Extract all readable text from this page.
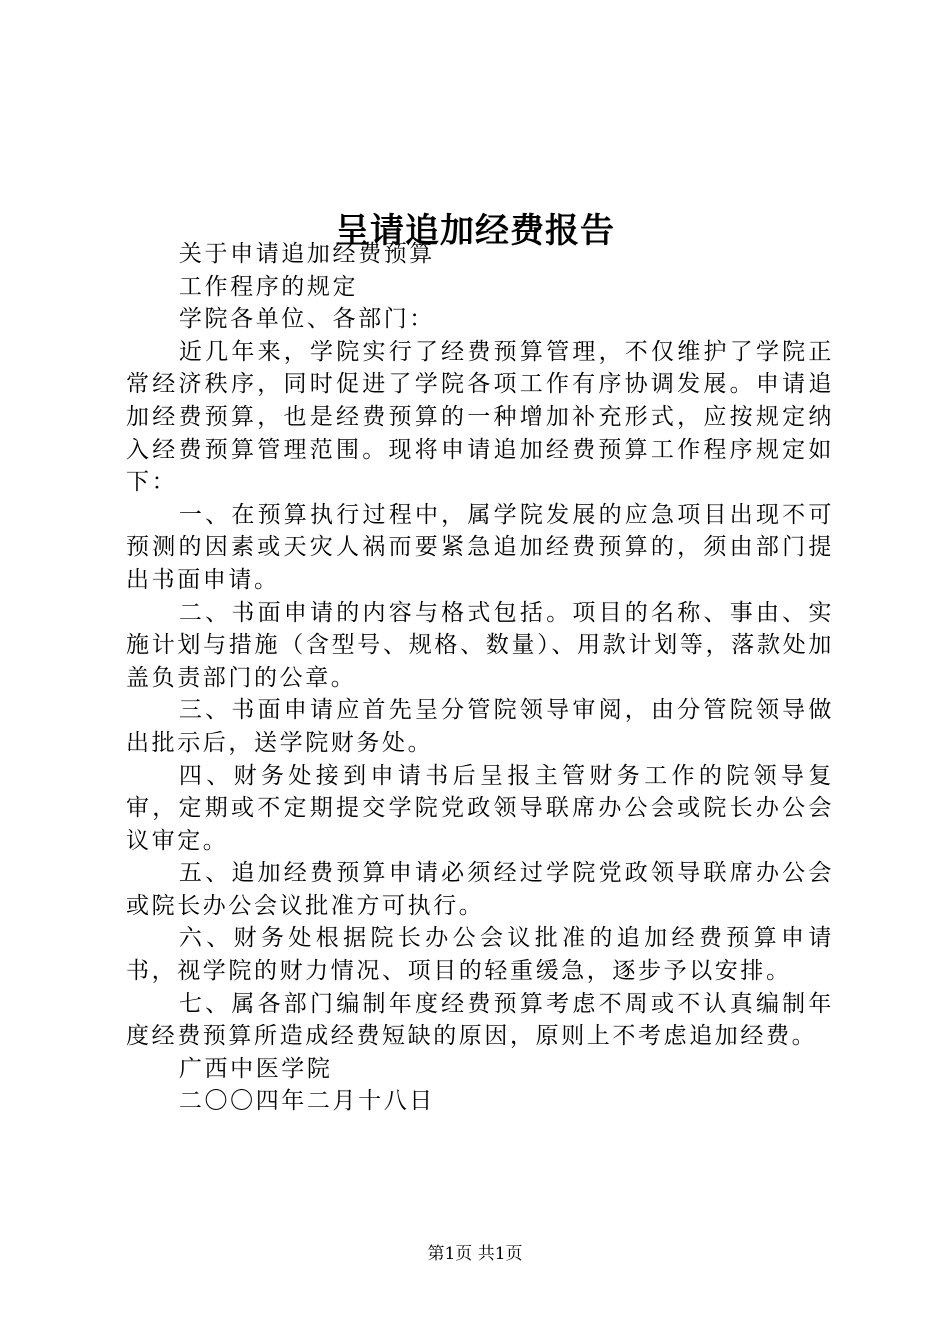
呈请追加经费报告

关于申请追加经费预算

工作程序的规定

学院各单位、各部门：

近几年来，学院实行了经费预算管理，不仅维护了学院正常经济秩序，同时促进了学院各项工作有序协调发展。申请追加经费预算，也是经费预算的一种增加补充形式，应按规定纳入经费预算管理范围。现将申请追加经费预算工作程序规定如下：

一、在预算执行过程中，属学院发展的应急项目出现不可预测的因素或天灾人祸而要紧急追加经费预算的，须由部门提出书面申请。

二、书面申请的内容与格式包括。项目的名称、事由、实施计划与措施（含型号、规格、数量）、用款计划等，落款处加盖负责部门的公章。

三、书面申请应首先呈分管院领导审阅，由分管院领导做出批示后，送学院财务处。

四、财务处接到申请书后呈报主管财务工作的院领导复审，定期或不定期提交学院党政领导联席办公会或院长办公会议审定。

五、追加经费预算申请必须经过学院党政领导联席办公会或院长办公会议批准方可执行。

六、财务处根据院长办公会议批准的追加经费预算申请书，视学院的财力情况、项目的轻重缓急，逐步予以安排。

七、属各部门编制年度经费预算考虑不周或不认真编制年度经费预算所造成经费短缺的原因，原则上不考虑追加经费。

广西中医学院

二〇〇四年二月十八日

第1页 共1页
